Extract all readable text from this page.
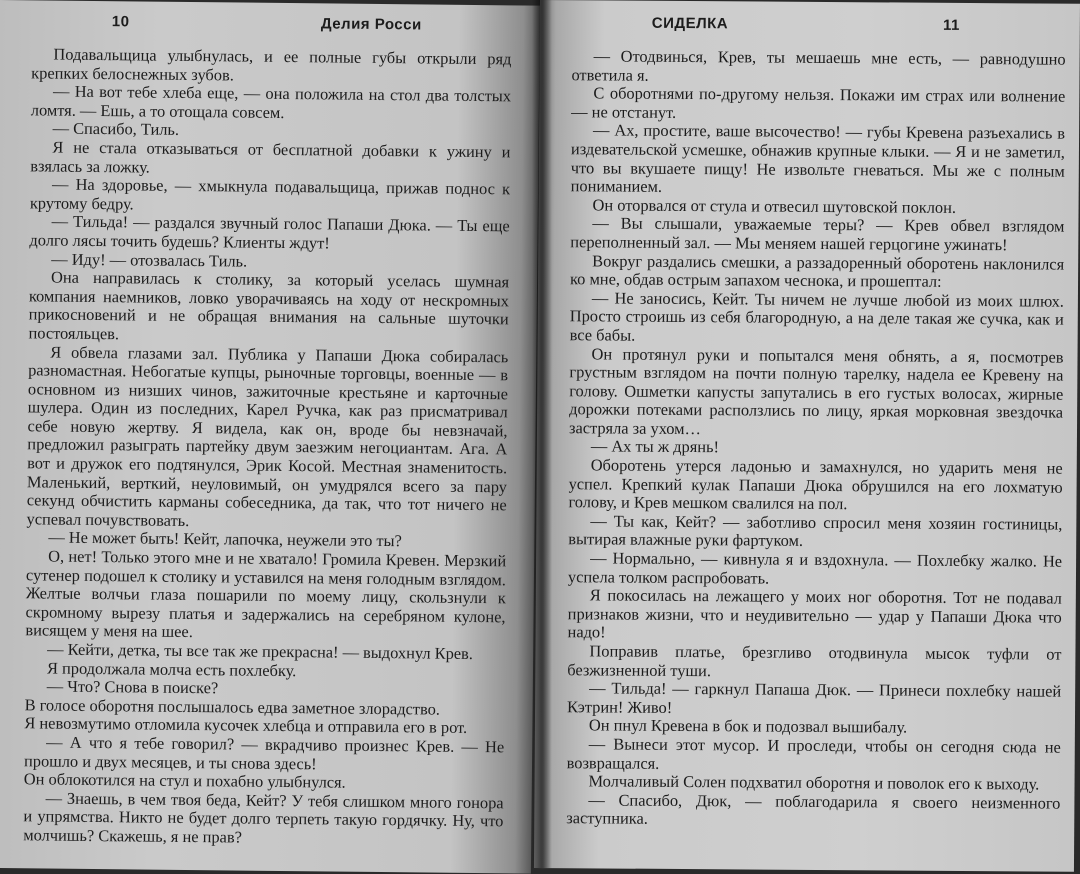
10	Делия Росси

Подавальщица улыбнулась, и ее полные губы открыли ряд крепких белоснежных зубов.

— На вот тебе хлеба еще, — она положила на стол два толстых ломтя. — Ешь, а то отощала совсем.

— Спасибо, Тиль.

Я не стала отказываться от бесплатной добавки к ужину и взялась за ложку.

— На здоровье, — хмыкнула подавальщица, прижав поднос к крутому бедру.

— Тильда! — раздался звучный голос Папаши Дюка. — Ты еще долго лясы точить будешь? Клиенты ждут!

— Иду! — отозвалась Тиль.

Она направилась к столику, за который уселась шумная компания наемников, ловко уворачиваясь на ходу от нескромных прикосновений и не обращая внимания на сальные шуточки постояльцев.

Я обвела глазами зал. Публика у Папаши Дюка собиралась разномастная. Небогатые купцы, рыночные торговцы, военные — в основном из низших чинов, зажиточные крестьяне и карточные шулера. Один из последних, Карел Ручка, как раз присматривал себе новую жертву. Я видела, как он, вроде бы невзначай, предложил разыграть партейку двум заезжим негоциантам. Ага. А вот и дружок его подтянулся, Эрик Косой. Местная знаменитость. Маленький, верткий, неуловимый, он умудрялся всего за пару секунд обчистить карманы собеседника, да так, что тот ничего не успевал почувствовать.

— Не может быть! Кейт, лапочка, неужели это ты?

О, нет! Только этого мне и не хватало! Громила Кревен. Мерзкий сутенер подошел к столику и уставился на меня голодным взглядом. Желтые волчьи глаза пошарили по моему лицу, скользнули к скромному вырезу платья и задержались на серебряном кулоне, висящем у меня на шее.

— Кейти, детка, ты все так же прекрасна! — выдохнул Крев.

Я продолжала молча есть похлебку.

— Что? Снова в поиске?

В голосе оборотня послышалось едва заметное злорадство.

Я невозмутимо отломила кусочек хлебца и отправила его в рот.

— А что я тебе говорил? — вкрадчиво произнес Крев. — Не прошло и двух месяцев, и ты снова здесь!

Он облокотился на стул и похабно улыбнулся.

— Знаешь, в чем твоя беда, Кейт? У тебя слишком много гонора и упрямства. Никто не будет долго терпеть такую гордячку. Ну, что молчишь? Скажешь, я не прав?

СИДЕЛКА	11

— Отодвинься, Крев, ты мешаешь мне есть, — равнодушно ответила я.

С оборотнями по-другому нельзя. Покажи им страх или волнение — не отстанут.

— Ах, простите, ваше высочество! — губы Кревена разъехались в издевательской усмешке, обнажив крупные клыки. — Я и не заметил, что вы вкушаете пищу! Не извольте гневаться. Мы же с полным пониманием.

Он оторвался от стула и отвесил шутовской поклон.

— Вы слышали, уважаемые теры? — Крев обвел взглядом переполненный зал. — Мы меняем нашей герцогине ужинать!

Вокруг раздались смешки, а раззадоренный оборотень наклонился ко мне, обдав острым запахом чеснока, и прошептал:

— Не заносись, Кейт. Ты ничем не лучше любой из моих шлюх. Просто строишь из себя благородную, а на деле такая же сучка, как и все бабы.

Он протянул руки и попытался меня обнять, а я, посмотрев грустным взглядом на почти полную тарелку, надела ее Кревену на голову. Ошметки капусты запутались в его густых волосах, жирные дорожки потеками расползлись по лицу, яркая морковная звездочка застряла за ухом…

— Ах ты ж дрянь!

Оборотень утерся ладонью и замахнулся, но ударить меня не успел. Крепкий кулак Папаши Дюка обрушился на его лохматую голову, и Крев мешком свалился на пол.

— Ты как, Кейт? — заботливо спросил меня хозяин гостиницы, вытирая влажные руки фартуком.

— Нормально, — кивнула я и вздохнула. — Похлебку жалко. Не успела толком распробовать.

Я покосилась на лежащего у моих ног оборотня. Тот не подавал признаков жизни, что и неудивительно — удар у Папаши Дюка что надо!

Поправив платье, брезгливо отодвинула мысок туфли от безжизненной туши.

— Тильда! — гаркнул Папаша Дюк. — Принеси похлебку нашей Кэтрин! Живо!

Он пнул Кревена в бок и подозвал вышибалу.

— Вынеси этот мусор. И проследи, чтобы он сегодня сюда не возвращался.

Молчаливый Солен подхватил оборотня и поволок его к выходу.

— Спасибо, Дюк, — поблагодарила я своего неизменного заступника.
